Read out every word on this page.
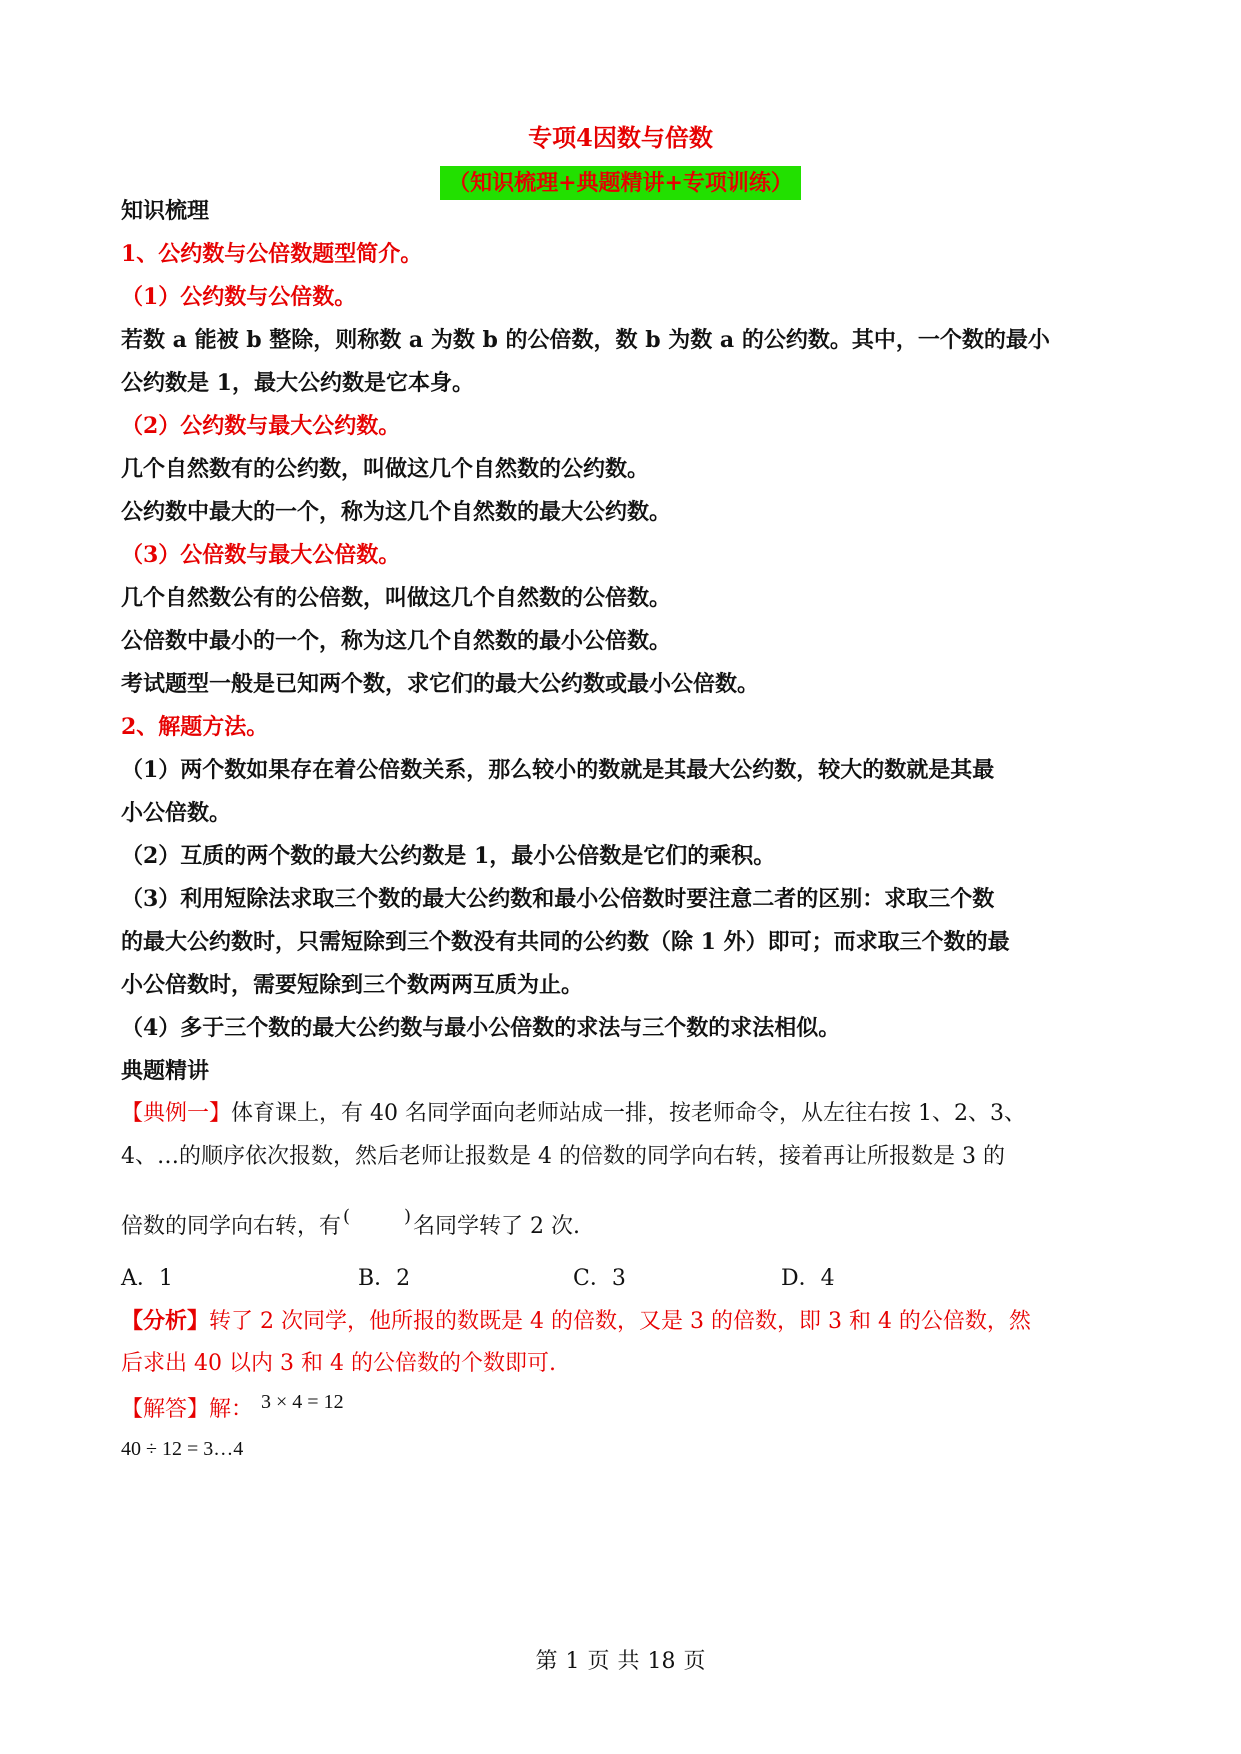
专项4因数与倍数
（知识梳理+典题精讲+专项训练）
知识梳理
1、公约数与公倍数题型简介。
（1）公约数与公倍数。
若数 a 能被 b 整除，则称数 a 为数 b 的公倍数，数 b 为数 a 的公约数。其中，一个数的最小
公约数是 1，最大公约数是它本身。
（2）公约数与最大公约数。
几个自然数有的公约数，叫做这几个自然数的公约数。
公约数中最大的一个，称为这几个自然数的最大公约数。
（3）公倍数与最大公倍数。
几个自然数公有的公倍数，叫做这几个自然数的公倍数。
公倍数中最小的一个，称为这几个自然数的最小公倍数。
考试题型一般是已知两个数，求它们的最大公约数或最小公倍数。
2、解题方法。
（1）两个数如果存在着公倍数关系，那么较小的数就是其最大公约数，较大的数就是其最
小公倍数。
（2）互质的两个数的最大公约数是 1，最小公倍数是它们的乘积。
（3）利用短除法求取三个数的最大公约数和最小公倍数时要注意二者的区别：求取三个数
的最大公约数时，只需短除到三个数没有共同的公约数（除 1 外）即可；而求取三个数的最
小公倍数时，需要短除到三个数两两互质为止。
（4）多于三个数的最大公约数与最小公倍数的求法与三个数的求法相似。
典题精讲
【典例一】体育课上，有 40 名同学面向老师站成一排，按老师命令，从左往右按 1、2、3、
4、…的顺序依次报数，然后老师让报数是 4 的倍数的同学向右转，接着再让所报数是 3 的
倍数的同学向右转，有 (	) 名同学转了 2 次.
A．1	B．2	C．3	D．4
【分析】转了 2 次同学，他所报的数既是 4 的倍数，又是 3 的倍数，即 3 和 4 的公倍数，然
后求出 40 以内 3 和 4 的公倍数的个数即可.
【解答】解： 3 × 4 = 12
40 ÷ 12 = 3…4
第 1 页 共 18 页
